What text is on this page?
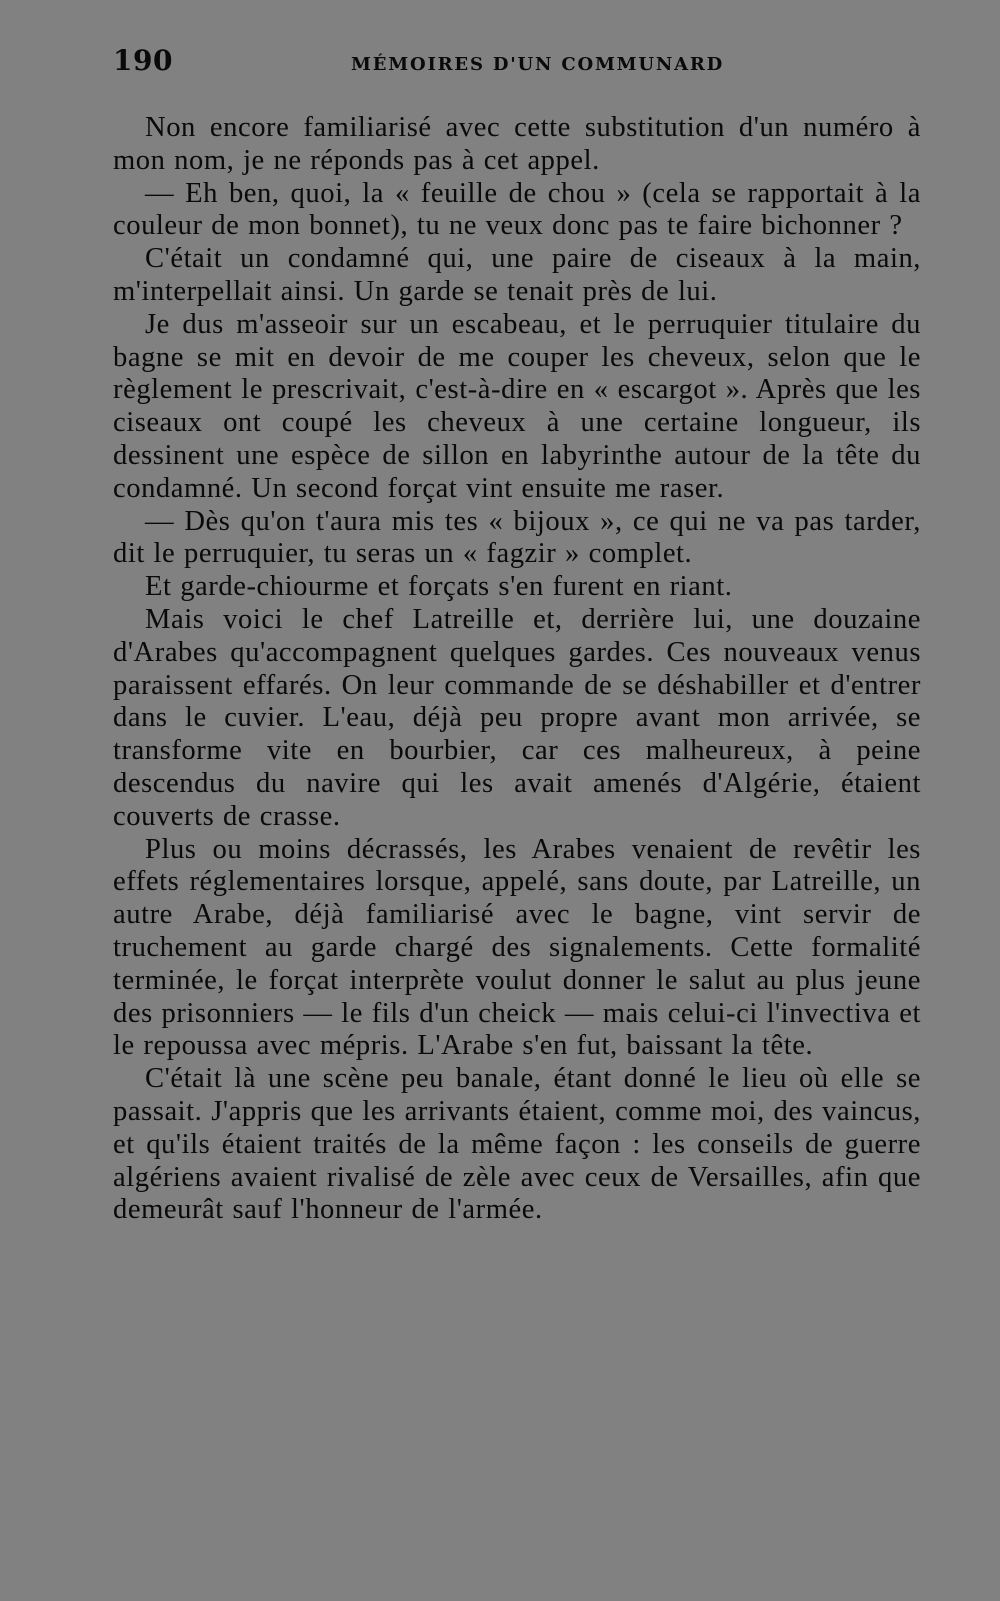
190	MÉMOIRES D'UN COMMUNARD

Non encore familiarisé avec cette substitution d'un numéro à mon nom, je ne réponds pas à cet appel.

— Eh ben, quoi, la « feuille de chou » (cela se rapportait à la couleur de mon bonnet), tu ne veux donc pas te faire bichonner ?

C'était un condamné qui, une paire de ciseaux à la main, m'interpellait ainsi. Un garde se tenait près de lui.

Je dus m'asseoir sur un escabeau, et le perruquier titulaire du bagne se mit en devoir de me couper les cheveux, selon que le règlement le prescrivait, c'est-à-dire en « escargot ». Après que les ciseaux ont coupé les cheveux à une certaine longueur, ils dessinent une espèce de sillon en labyrinthe autour de la tête du condamné. Un second forçat vint ensuite me raser.

— Dès qu'on t'aura mis tes « bijoux », ce qui ne va pas tarder, dit le perruquier, tu seras un « fagzir » complet.

Et garde-chiourme et forçats s'en furent en riant.

Mais voici le chef Latreille et, derrière lui, une douzaine d'Arabes qu'accompagnent quelques gardes. Ces nouveaux venus paraissent effarés. On leur commande de se déshabiller et d'entrer dans le cuvier. L'eau, déjà peu propre avant mon arrivée, se transforme vite en bourbier, car ces malheureux, à peine descendus du navire qui les avait amenés d'Algérie, étaient couverts de crasse.

Plus ou moins décrassés, les Arabes venaient de revêtir les effets réglementaires lorsque, appelé, sans doute, par Latreille, un autre Arabe, déjà familiarisé avec le bagne, vint servir de truchement au garde chargé des signalements. Cette formalité terminée, le forçat interprète voulut donner le salut au plus jeune des prisonniers — le fils d'un cheick — mais celui-ci l'invectiva et le repoussa avec mépris. L'Arabe s'en fut, baissant la tête.

C'était là une scène peu banale, étant donné le lieu où elle se passait. J'appris que les arrivants étaient, comme moi, des vaincus, et qu'ils étaient traités de la même façon : les conseils de guerre algériens avaient rivalisé de zèle avec ceux de Versailles, afin que demeurât sauf l'honneur de l'armée.
